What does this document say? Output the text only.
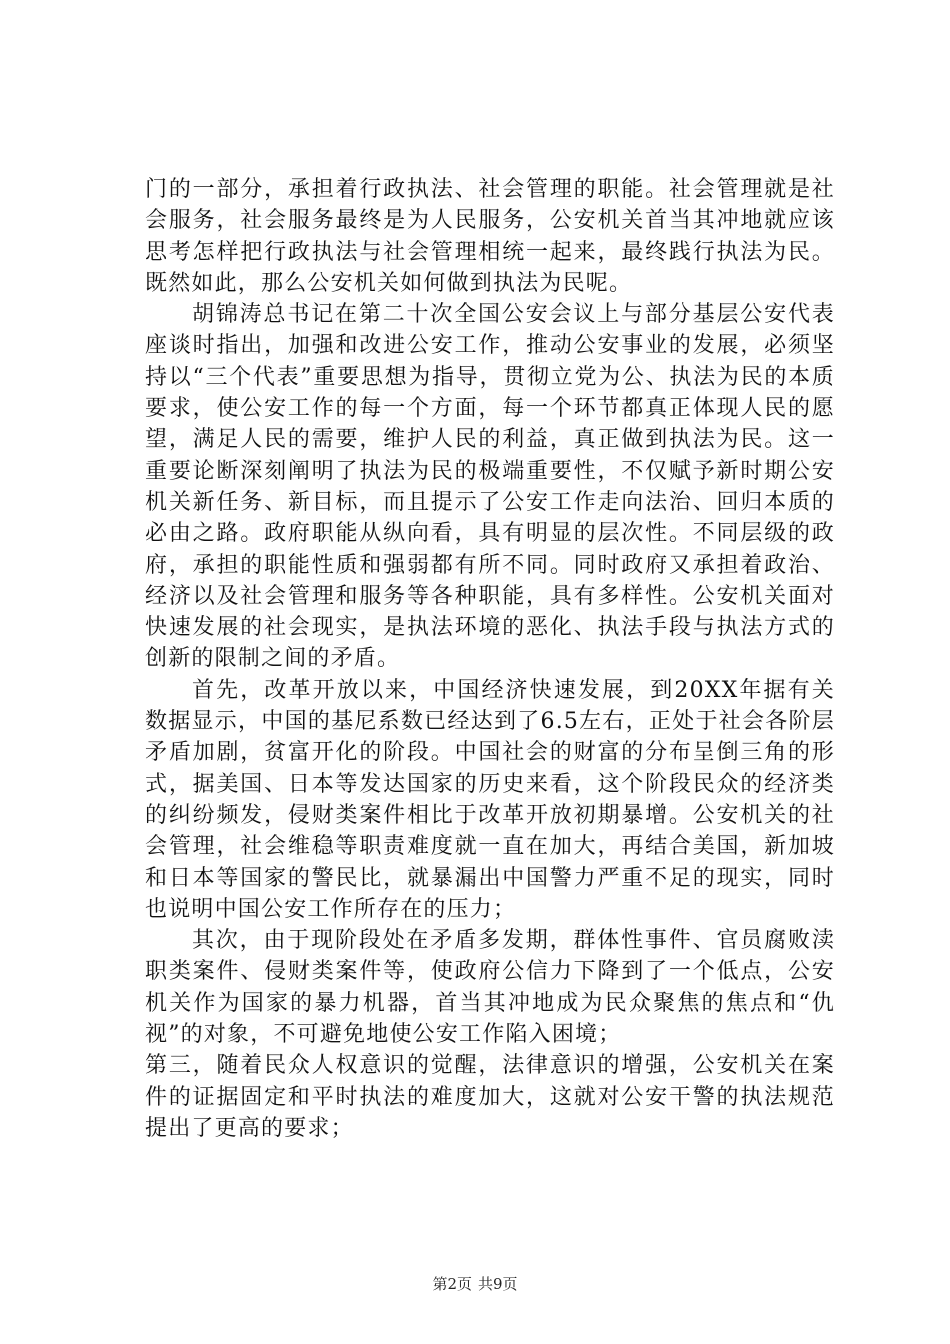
门的一部分，承担着行政执法、社会管理的职能。社会管理就是社会服务，社会服务最终是为人民服务，公安机关首当其冲地就应该思考怎样把行政执法与社会管理相统一起来，最终践行执法为民。既然如此，那么公安机关如何做到执法为民呢。

胡锦涛总书记在第二十次全国公安会议上与部分基层公安代表座谈时指出，加强和改进公安工作，推动公安事业的发展，必须坚持以“三个代表”重要思想为指导，贯彻立党为公、执法为民的本质要求，使公安工作的每一个方面，每一个环节都真正体现人民的愿望，满足人民的需要，维护人民的利益，真正做到执法为民。这一重要论断深刻阐明了执法为民的极端重要性，不仅赋予新时期公安机关新任务、新目标，而且提示了公安工作走向法治、回归本质的必由之路。政府职能从纵向看，具有明显的层次性。不同层级的政府，承担的职能性质和强弱都有所不同。同时政府又承担着政治、经济以及社会管理和服务等各种职能，具有多样性。公安机关面对快速发展的社会现实，是执法环境的恶化、执法手段与执法方式的创新的限制之间的矛盾。

首先，改革开放以来，中国经济快速发展，到20XX年据有关数据显示，中国的基尼系数已经达到了6.5左右，正处于社会各阶层矛盾加剧，贫富开化的阶段。中国社会的财富的分布呈倒三角的形式，据美国、日本等发达国家的历史来看，这个阶段民众的经济类的纠纷频发，侵财类案件相比于改革开放初期暴增。公安机关的社会管理，社会维稳等职责难度就一直在加大，再结合美国，新加坡和日本等国家的警民比，就暴漏出中国警力严重不足的现实，同时也说明中国公安工作所存在的压力；

其次，由于现阶段处在矛盾多发期，群体性事件、官员腐败渎职类案件、侵财类案件等，使政府公信力下降到了一个低点，公安机关作为国家的暴力机器，首当其冲地成为民众聚焦的焦点和“仇视”的对象，不可避免地使公安工作陷入困境；

第三，随着民众人权意识的觉醒，法律意识的增强，公安机关在案件的证据固定和平时执法的难度加大，这就对公安干警的执法规范提出了更高的要求；

第2页 共9页
